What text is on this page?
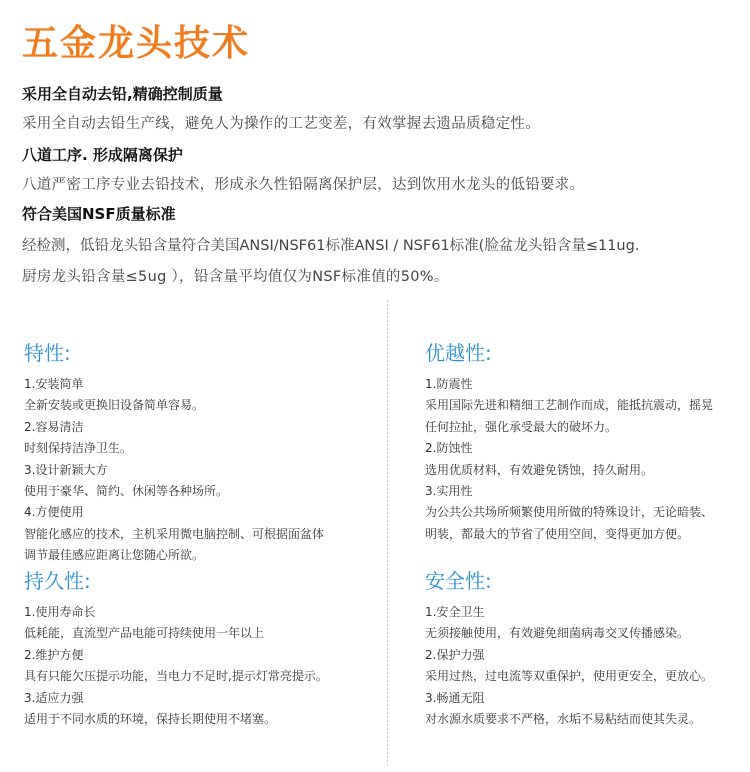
五金龙头技术
采用全自动去铅,精确控制质量
采用全自动去铅生产线，避免人为操作的工艺变差，有效掌握去遗品质稳定性。
八道工序. 形成隔离保护
八道严密工序专业去铅技术，形成永久性铅隔离保护层，达到饮用水龙头的低铅要求。
符合美国NSF质量标准
经检测，低铅龙头铅含量符合美国ANSI/NSF61标准ANSI / NSF61标准(脸盆龙头铅含量≤11ug.
厨房龙头铅含量≤5ug ），铅含量平均值仅为NSF标准值的50%。
特性:
1.安装简单
全新安装或更换旧设备简单容易。
2.容易清洁
时刻保持洁净卫生。
3.设计新颖大方
使用于豪华、简约、休闲等各种场所。
4.方便使用
智能化感应的技术，主机采用微电脑控制、可根据面盆体
调节最佳感应距离让您随心所欲。
优越性:
1.防震性
采用国际先进和精细工艺制作而成，能抵抗震动，摇晃
任何拉扯，强化承受最大的破坏力。
2.防蚀性
选用优质材料，有效避免锈蚀，持久耐用。
3.实用性
为公共公共场所频繁使用所做的特殊设计，无论暗装、
明装，都最大的节省了使用空间，变得更加方便。
持久性:
1.使用寿命长
低耗能，直流型产品电能可持续使用一年以上
2.维护方便
具有只能欠压提示功能，当电力不足时,提示灯常亮提示。
3.适应力强
适用于不同水质的环境，保持长期使用不堵塞。
安全性:
1.安全卫生
无须接触使用，有效避免细菌病毒交叉传播感染。
2.保护力强
采用过热，过电流等双重保护，使用更安全，更放心。
3.畅通无阻
对水源水质要求不严格，水垢不易粘结而使其失灵。
